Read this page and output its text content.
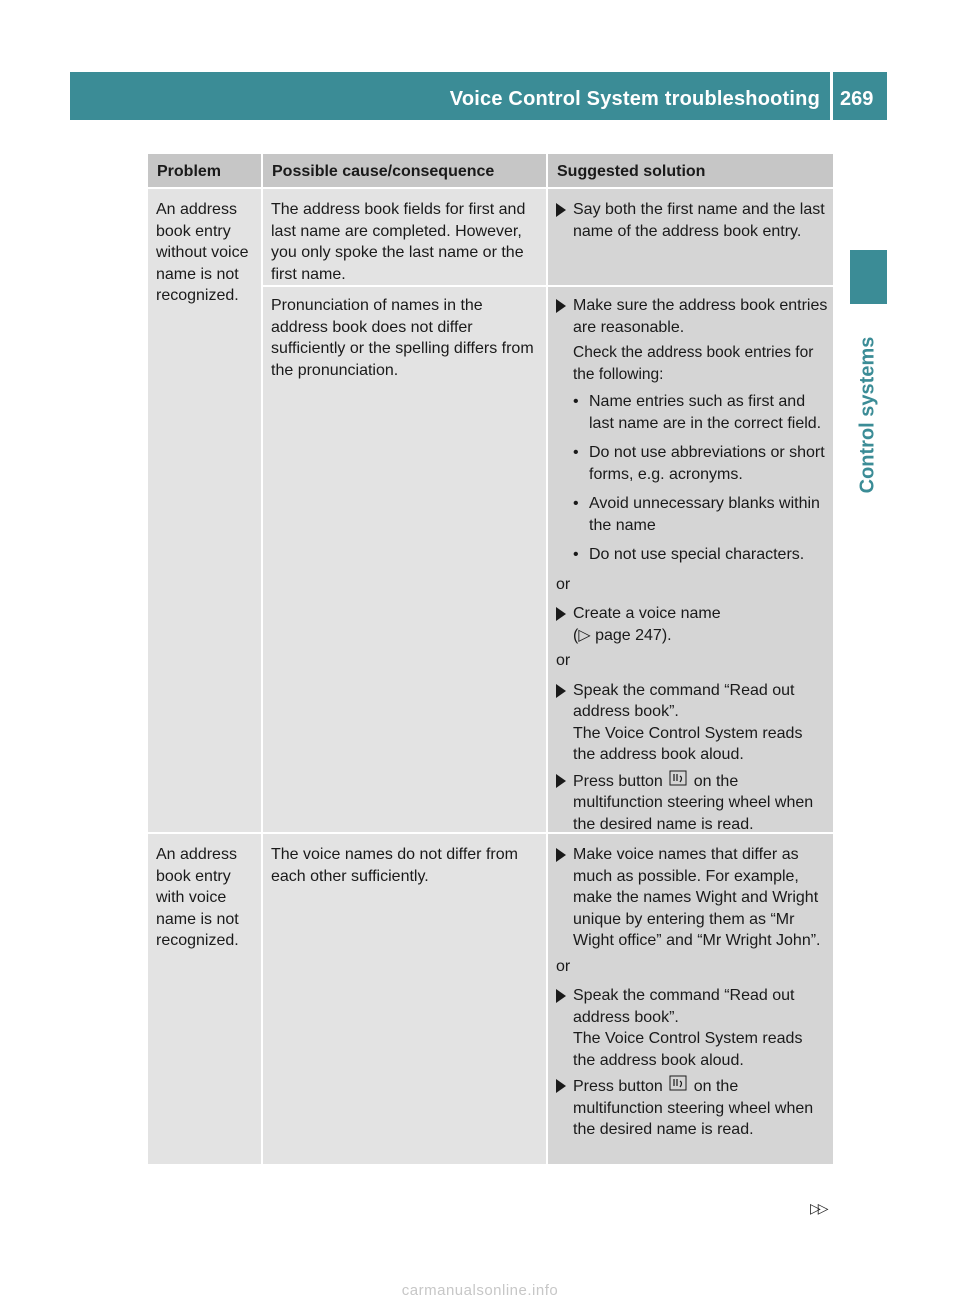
Voice Control System troubleshooting 269
Control systems
Problem	Possible cause/consequence	Suggested solution
An address book entry without voice name is not recognized.
The address book fields for first and last name are completed. However, you only spoke the last name or the first name.
Say both the first name and the last name of the address book entry.
Pronunciation of names in the address book does not differ sufficiently or the spelling differs from the pronunciation.
Make sure the address book entries are reasonable.
Check the address book entries for the following:
• Name entries such as first and last name are in the correct field.
• Do not use abbreviations or short forms, e.g. acronyms.
• Avoid unnecessary blanks within the name
• Do not use special characters.
or
Create a voice name
(▷ page 247).
or
Speak the command “Read out address book”.
The Voice Control System reads the address book aloud.
Press button on the multifunction steering wheel when the desired name is read.
An address book entry with voice name is not recognized.
The voice names do not differ from each other sufficiently.
Make voice names that differ as much as possible. For example, make the names Wight and Wright unique by entering them as “Mr Wight office” and “Mr Wright John”.
or
Speak the command “Read out address book”.
The Voice Control System reads the address book aloud.
Press button on the multifunction steering wheel when the desired name is read.
▷▷
carmanualsonline.info
